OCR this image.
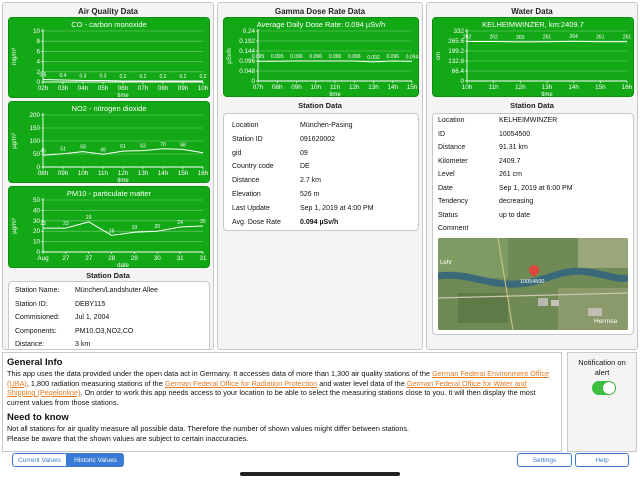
Air Quality Data
CO - carbon monoxide
mg/m³
10
8
6
4
2
0
02h 03h 04h 05h 06h 07h 08h 09h 10h
time
0.5	0.4	0.3	0.3	0.2	0.2	0.2	0.2	0.2
NO2 - nitrogen dioxide
µg/m³
200
150
100
50
0
08h 09h 10h 11h 12h 13h 14h 15h 16h
time
45	51	59	49
61	63	70	68
PM10 - particulate matter
µg/m³
50
40
30
20
10
0
Aug 27	27	28	29	30	31	31
date
23	23
29
16
19	20
24	25
Station Data
Station Name: München/Landshuter Allee
Station ID:	DEBY115
Commisioned: Jul 1, 2004
Components:	PM10,O3,NO2,CO
Distance:	3 km
Gamma Dose Rate Data
Average Daily Dose Rate: 0.094 µSv/h
µSv/h
0.24
0.192
0.144
0.096
0.048
0
07h 08h 09h 10h 11h 12h 13h 14h 15h
time
0.095 0.095 0.096 0.096 0.096 0.096 0.092 0.096 0.094
Station Data
Location	München-Pasing
Station ID	091620002
gid	09
Country code	DE
Distance	2.7 km
Elevation	526 m
Last Update	Sep 1, 2019 at 4:00 PM
Avg. Dose Rate	0.094 µSv/h
Water Data
KELHEIMWINZER, km:2409.7
cm
332
265.6
199.2
132.8
66.4
0
10h	11h	12h	13h	14h	15h	16h
time
262	262	260	261	264	261	261
Station Data
Location	KELHEIMWINZER
ID	10054500
Distance	91.31 km
Kilometer	2409.7
Level	261 cm
Date	Sep 1, 2019 at 6:00 PM
Tendency	decreasing
Status	up to date
Comment
10054500
Lehr
Herrnsa
General Info

This app uses the data provided under the open data act in Germany. It accesses data of more than 1,300 air quality stations of the German Federal Environment Office (UBA), 1,800 radiation measuring stations of the German Federal Office for Radiation Protection and water level data of the German Federal Office for Water and Shipping (Pegelonline). On order to work this app needs access to your location to be able to select the measuring stations close to you. It will then display the most current values from those stations.

Need to know

Not all stations for air quality measure all possible data. Therefore the number of shown values might differ between stations.

Please be aware that the shown values are subject to certain inaccuracies.

Notification on alert
Current Values	Historic Values	Settings	Help
